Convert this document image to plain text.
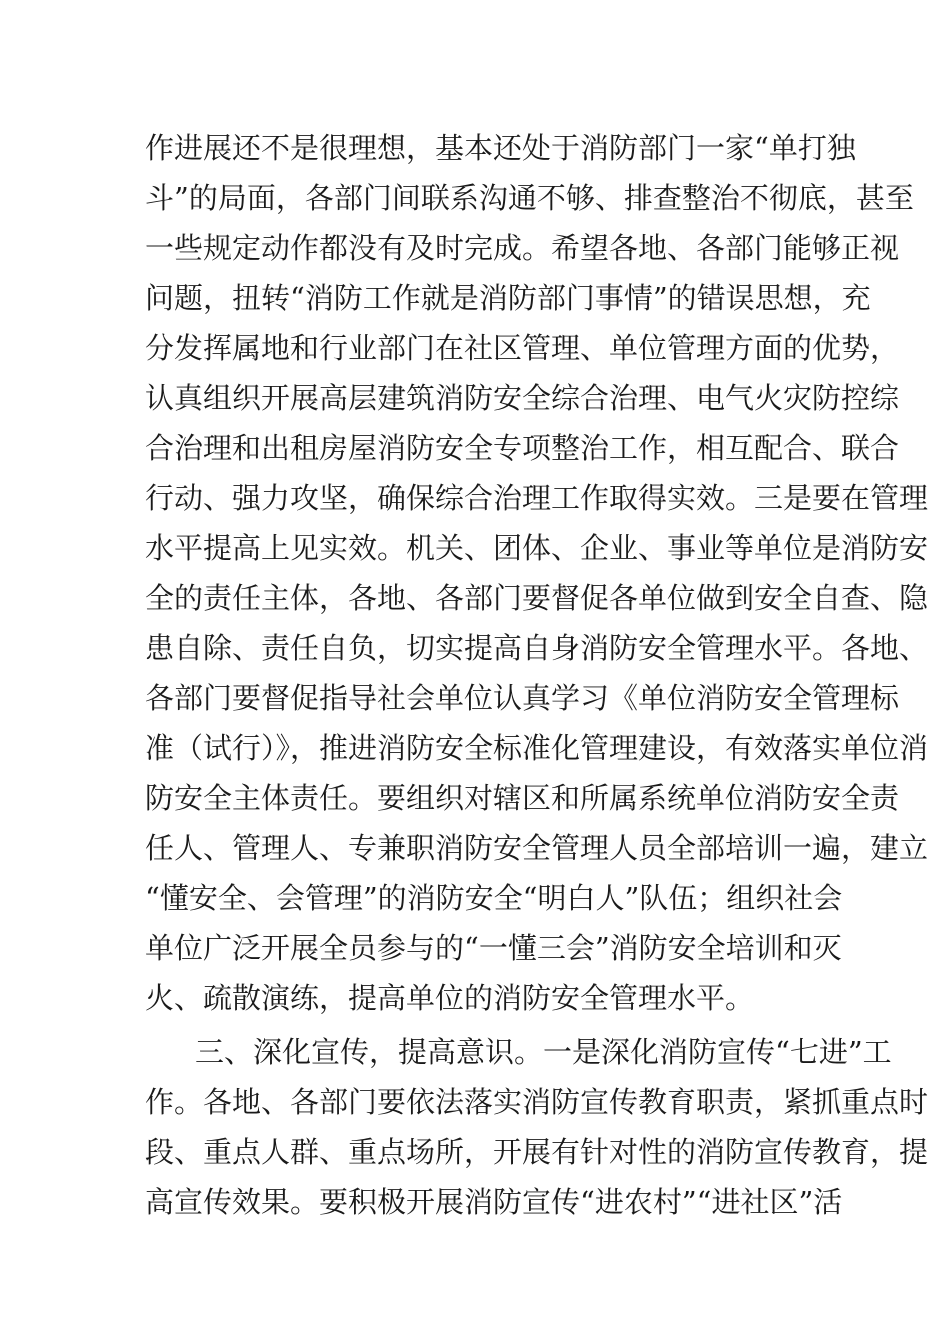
作进展还不是很理想，基本还处于消防部门一家“单打独
斗”的局面，各部门间联系沟通不够、排查整治不彻底，甚至
一些规定动作都没有及时完成。希望各地、各部门能够正视
问题，扭转“消防工作就是消防部门事情”的错误思想，充
分发挥属地和行业部门在社区管理、单位管理方面的优势，
认真组织开展高层建筑消防安全综合治理、电气火灾防控综
合治理和出租房屋消防安全专项整治工作，相互配合、联合
行动、强力攻坚，确保综合治理工作取得实效。三是要在管理
水平提高上见实效。机关、团体、企业、事业等单位是消防安
全的责任主体，各地、各部门要督促各单位做到安全自查、隐
患自除、责任自负，切实提高自身消防安全管理水平。各地、
各部门要督促指导社会单位认真学习《单位消防安全管理标
准（试行）》，推进消防安全标准化管理建设，有效落实单位消
防安全主体责任。要组织对辖区和所属系统单位消防安全责
任人、管理人、专兼职消防安全管理人员全部培训一遍，建立
“懂安全、会管理”的消防安全“明白人”队伍；组织社会
单位广泛开展全员参与的“一懂三会”消防安全培训和灭
火、疏散演练，提高单位的消防安全管理水平。
三、深化宣传，提高意识。一是深化消防宣传“七进”工
作。各地、各部门要依法落实消防宣传教育职责，紧抓重点时
段、重点人群、重点场所，开展有针对性的消防宣传教育，提
高宣传效果。要积极开展消防宣传“进农村”“进社区”活
